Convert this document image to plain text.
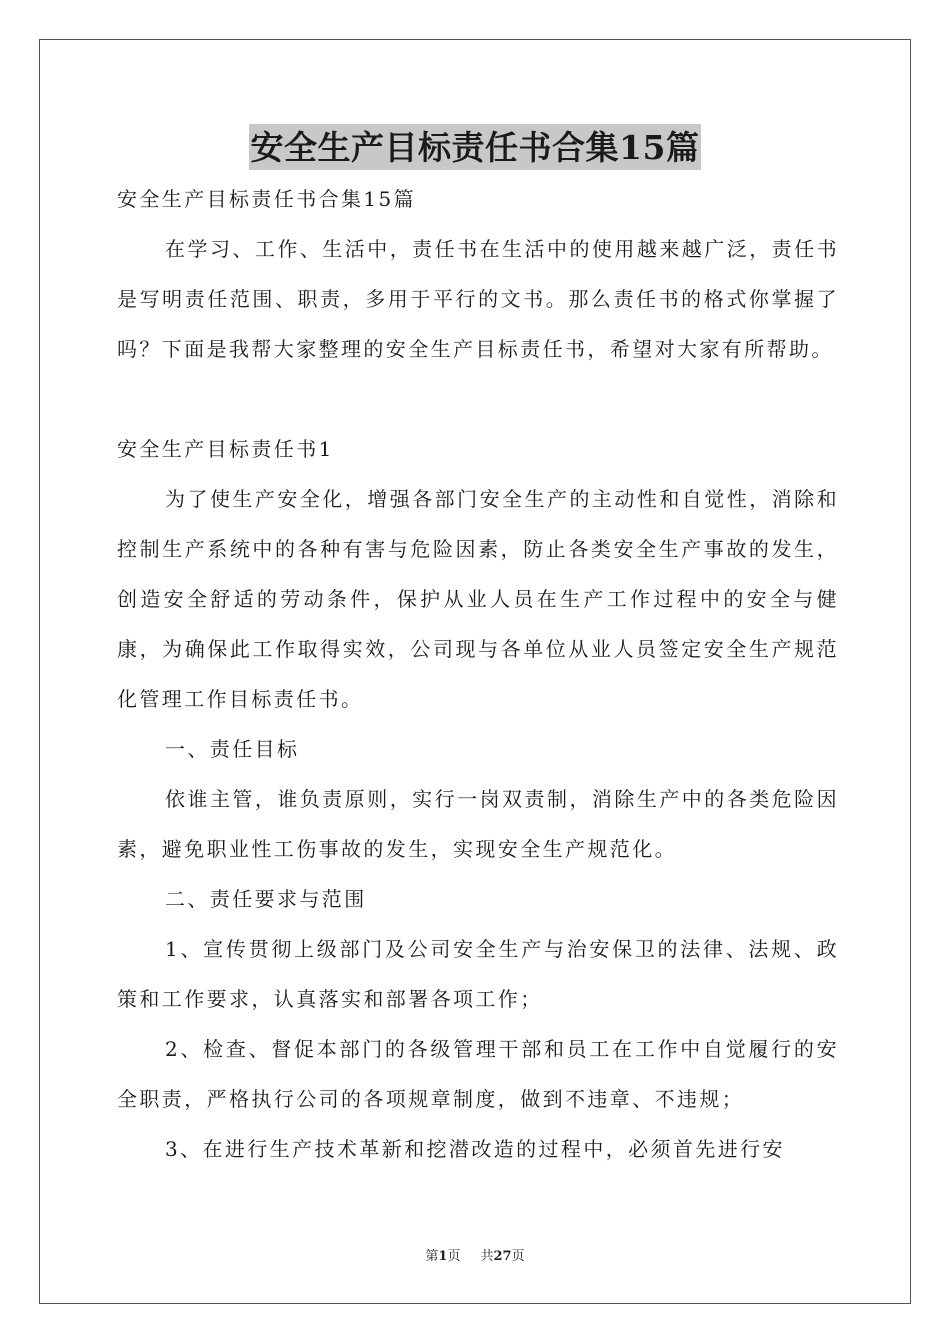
安全生产目标责任书合集15篇

安全生产目标责任书合集15篇

在学习、工作、生活中，责任书在生活中的使用越来越广泛，责任书是写明责任范围、职责，多用于平行的文书。那么责任书的格式你掌握了吗？下面是我帮大家整理的安全生产目标责任书，希望对大家有所帮助。

安全生产目标责任书1

为了使生产安全化，增强各部门安全生产的主动性和自觉性，消除和控制生产系统中的各种有害与危险因素，防止各类安全生产事故的发生，创造安全舒适的劳动条件，保护从业人员在生产工作过程中的安全与健康，为确保此工作取得实效，公司现与各单位从业人员签定安全生产规范化管理工作目标责任书。

一、责任目标

依谁主管，谁负责原则，实行一岗双责制，消除生产中的各类危险因素，避免职业性工伤事故的发生，实现安全生产规范化。

二、责任要求与范围

1、宣传贯彻上级部门及公司安全生产与治安保卫的法律、法规、政策和工作要求，认真落实和部署各项工作；

2、检查、督促本部门的各级管理干部和员工在工作中自觉履行的安全职责，严格执行公司的各项规章制度，做到不违章、不违规；

3、在进行生产技术革新和挖潜改造的过程中，必须首先进行安

第1页 共27页
